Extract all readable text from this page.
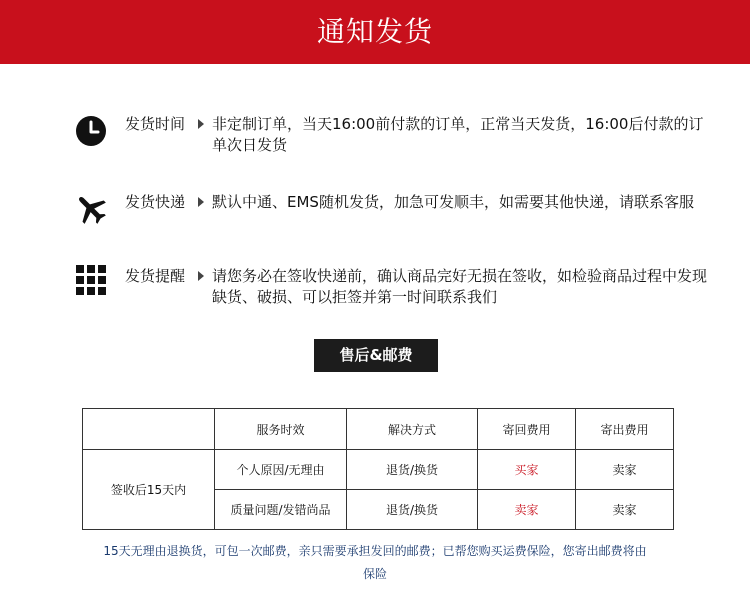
通知发货
发货时间 非定制订单，当天16:00前付款的订单，正常当天发货，16:00后付款的订单次日发货
发货快递 默认中通、EMS随机发货，加急可发顺丰，如需要其他快递，请联系客服
发货提醒 请您务必在签收快递前，确认商品完好无损在签收，如检验商品过程中发现缺货、破损、可以拒签并第一时间联系我们
售后&邮费
	服务时效	解决方式	寄回费用	寄出费用
签收后15天内	个人原因/无理由	退货/换货	买家	卖家
	质量问题/发错尚品	退货/换货	卖家	卖家
15天无理由退换货，可包一次邮费，亲只需要承担发回的邮费；已帮您购买运费保险，您寄出邮费将由保险
